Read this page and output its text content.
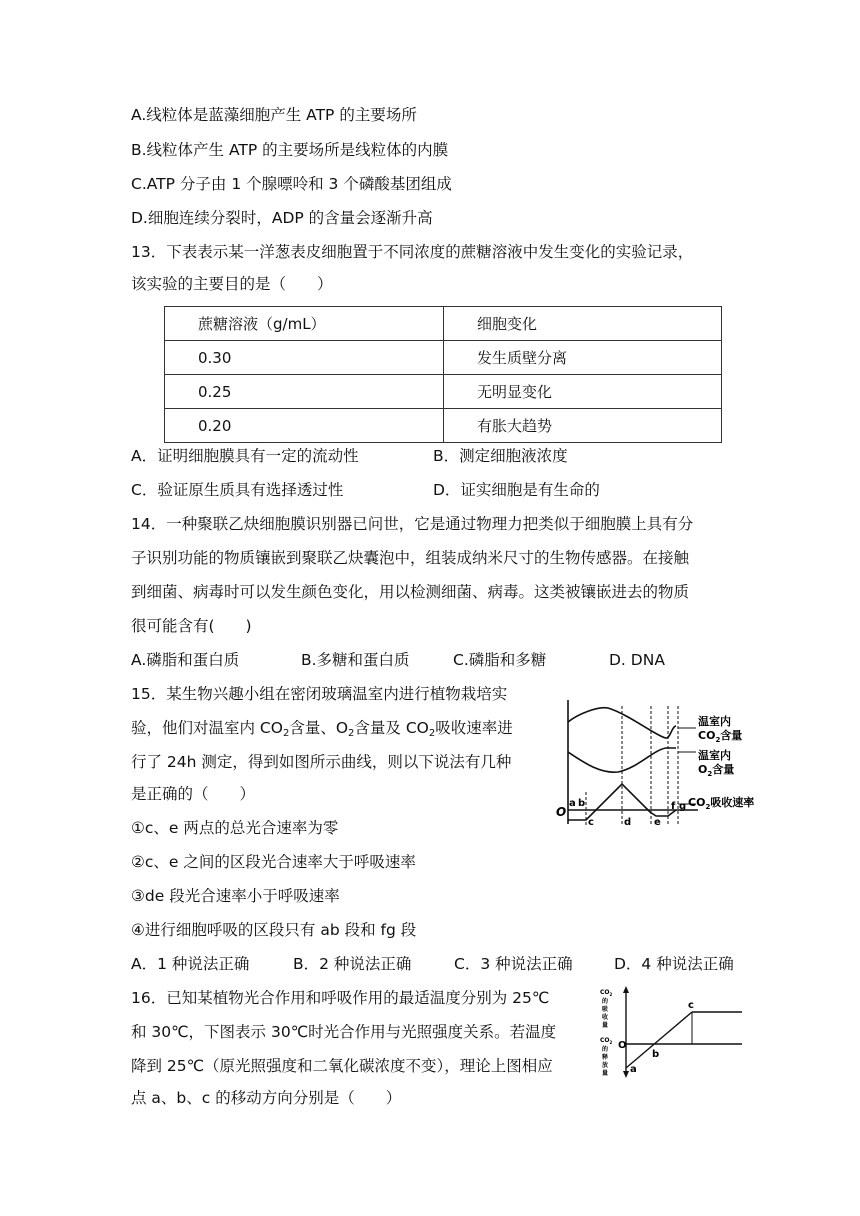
A.线粒体是蓝藻细胞产生 ATP 的主要场所
B.线粒体产生 ATP 的主要场所是线粒体的内膜
C.ATP 分子由 1 个腺嘌呤和 3 个磷酸基团组成
D.细胞连续分裂时，ADP 的含量会逐渐升高
13．下表表示某一洋葱表皮细胞置于不同浓度的蔗糖溶液中发生变化的实验记录，
该实验的主要目的是（　　）
蔗糖溶液（g/mL）	细胞变化
0.30	发生质壁分离
0.25	无明显变化
0.20	有胀大趋势
A．证明细胞膜具有一定的流动性	B．测定细胞液浓度
C．验证原生质具有选择透过性	D．证实细胞是有生命的
14．一种聚联乙炔细胞膜识别器已问世，它是通过物理力把类似于细胞膜上具有分
子识别功能的物质镶嵌到聚联乙炔囊泡中，组装成纳米尺寸的生物传感器。在接触
到细菌、病毒时可以发生颜色变化，用以检测细菌、病毒。这类被镶嵌进去的物质
很可能含有(　　)
A.磷脂和蛋白质	B.多糖和蛋白质	C.磷脂和多糖	D. DNA
15．某生物兴趣小组在密闭玻璃温室内进行植物栽培实
验，他们对温室内 $CO_2$含量、$O_2$含量及 $CO_2$吸收速率进
行了 24h 测定，得到如图所示曲线，则以下说法有几种
是正确的（　　）
①c、e 两点的总光合速率为零
②c、e 之间的区段光合速率大于呼吸速率
③de 段光合速率小于呼吸速率
④进行细胞呼吸的区段只有 ab 段和 fg 段
A．1 种说法正确	B．2 种说法正确	C．3 种说法正确	D．4 种说法正确
温室内
$CO_2$含量
温室内
$O_2$含量
$CO_2$吸收速率
O
a b
c	d e
f g
16．已知某植物光合作用和呼吸作用的最适温度分别为 25℃
和 30℃，下图表示 30℃时光合作用与光照强度关系。若温度
降到 25℃（原光照强度和二氧化碳浓度不变），理论上图相应
点 a、b、c 的移动方向分别是（　　）
$CO_2$
的
吸
收
量
$CO_2$
的
释
放
量
O
a
b
c
